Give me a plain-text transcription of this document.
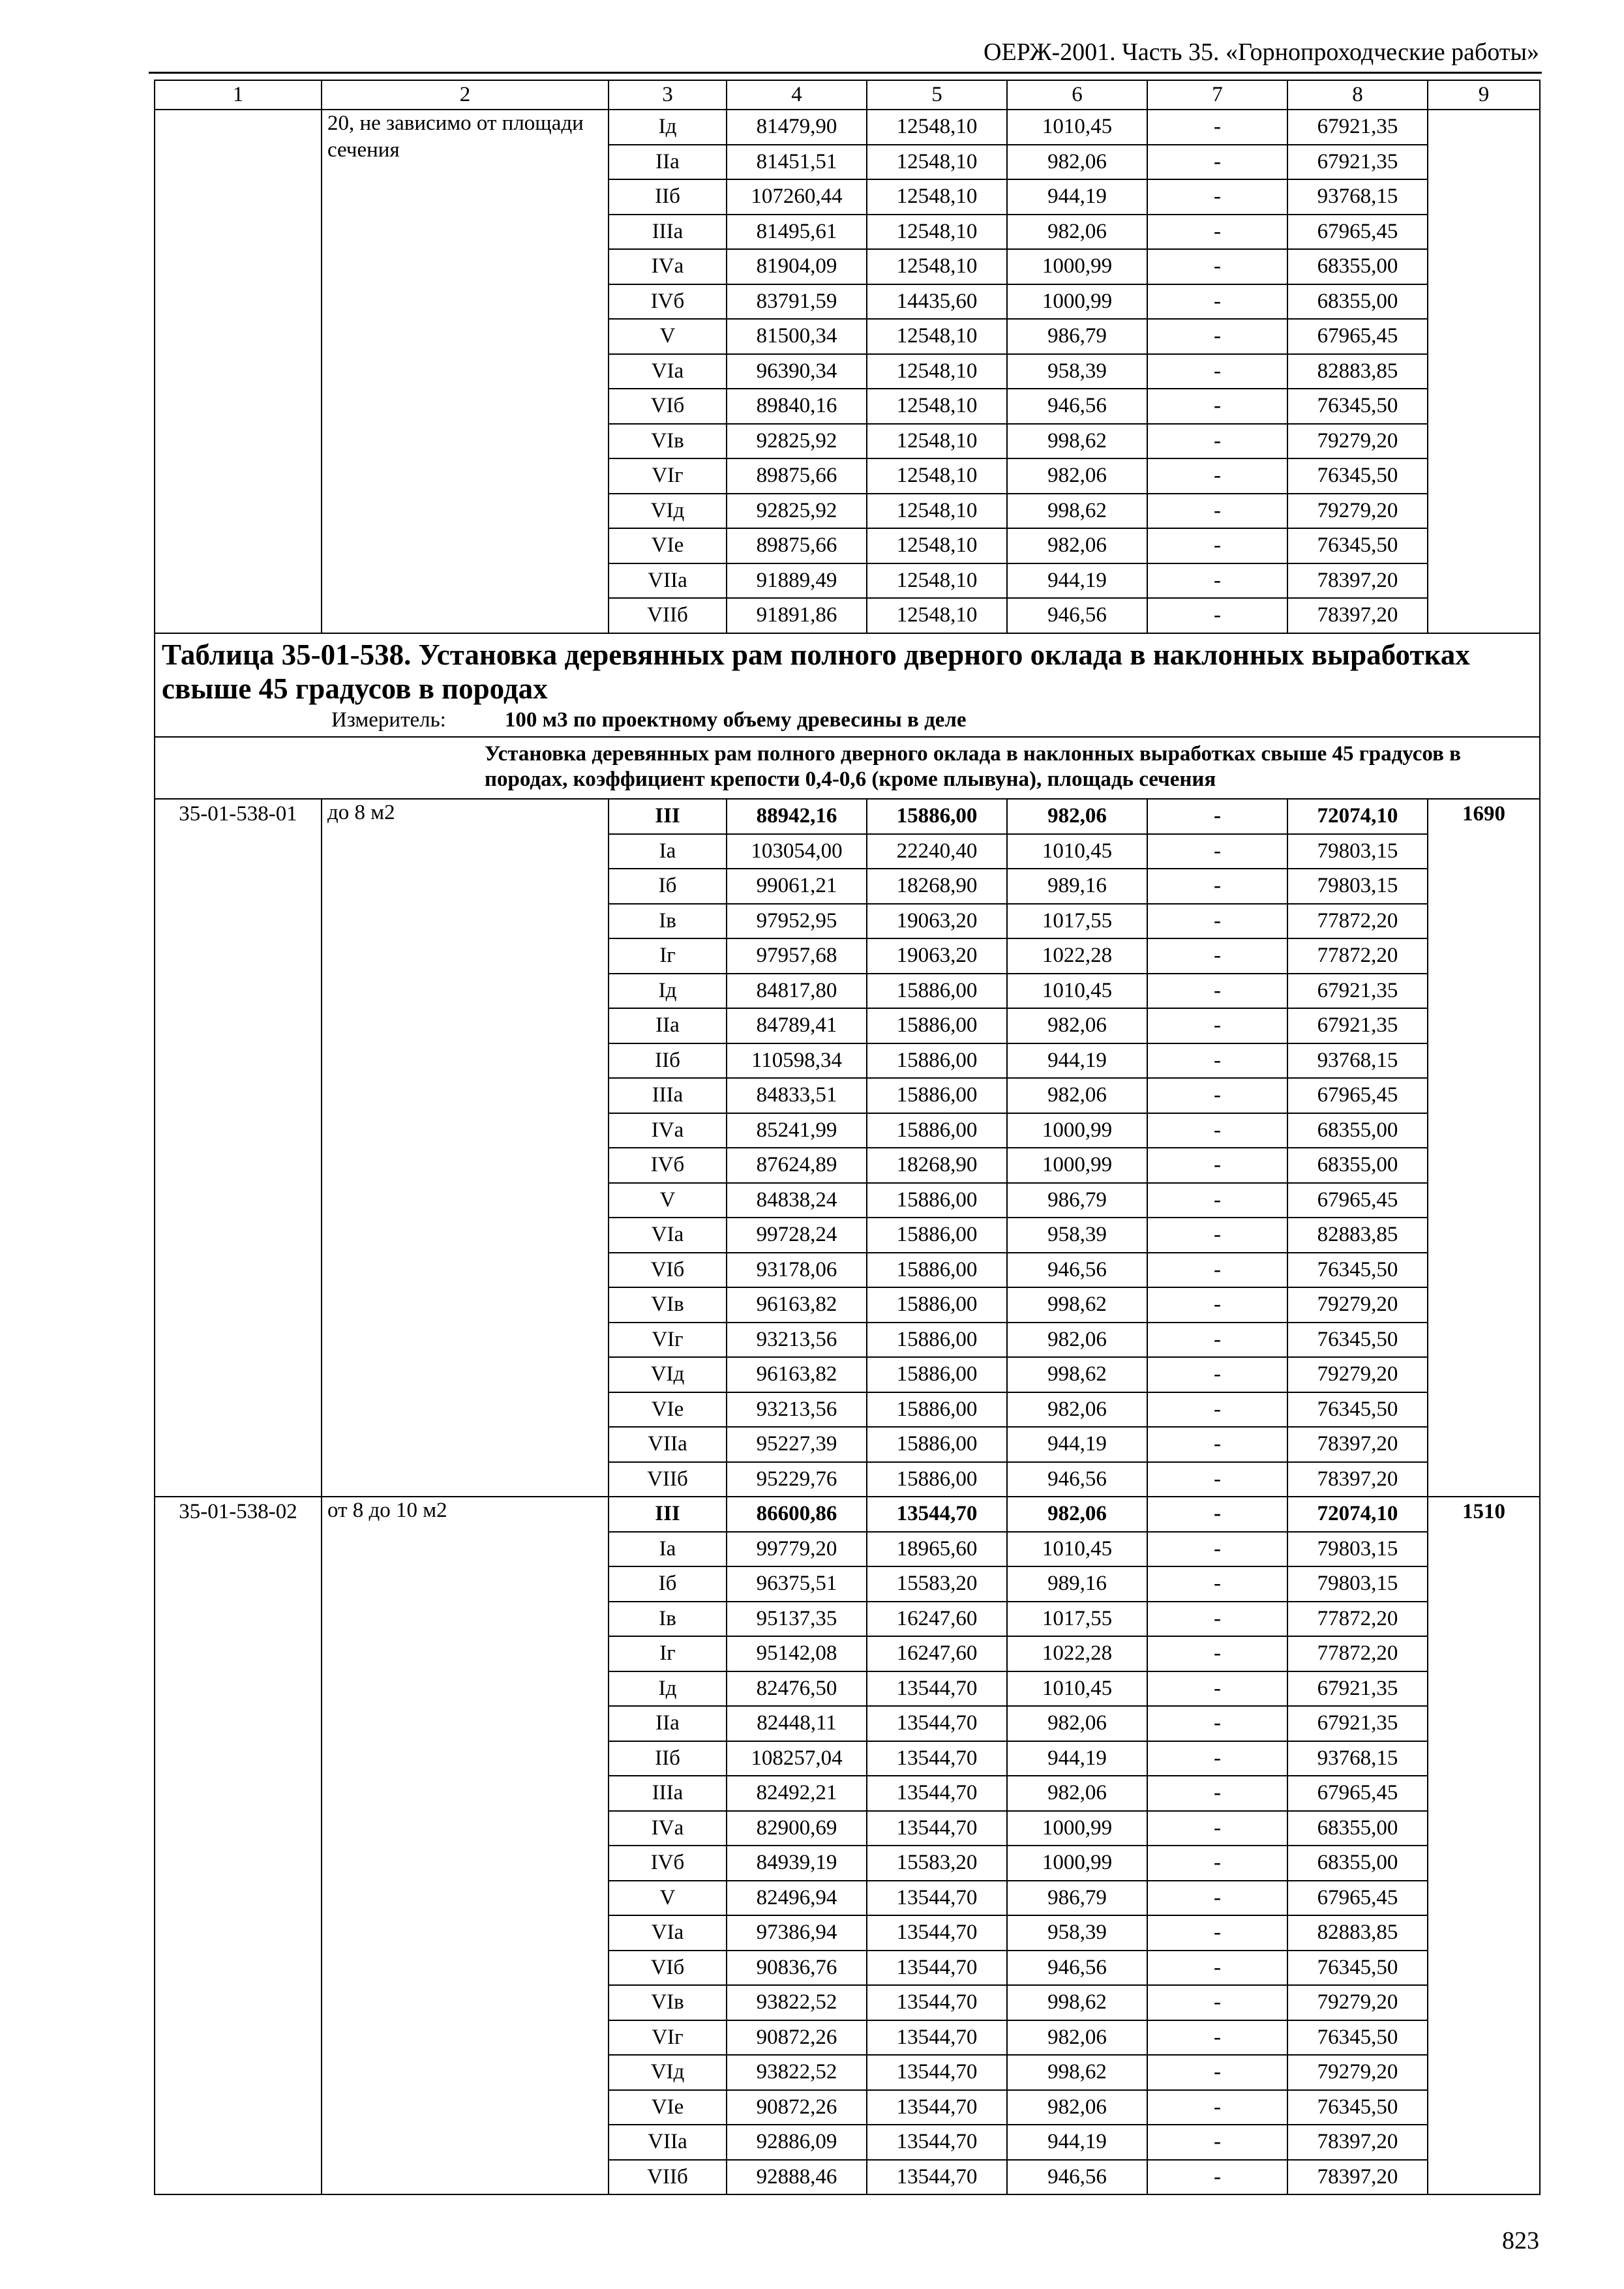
ОЕРЖ-2001. Часть 35. «Горнопроходческие работы»
1	2	3	4	5	6	7	8	9
	20, не зависимо от площади сечения	Iд	81479,90	12548,10	1010,45	-	67921,35	
		IIа	81451,51	12548,10	982,06	-	67921,35	
		IIб	107260,44	12548,10	944,19	-	93768,15	
		IIIа	81495,61	12548,10	982,06	-	67965,45	
		IVа	81904,09	12548,10	1000,99	-	68355,00	
		IVб	83791,59	14435,60	1000,99	-	68355,00	
		V	81500,34	12548,10	986,79	-	67965,45	
		VIа	96390,34	12548,10	958,39	-	82883,85	
		VIб	89840,16	12548,10	946,56	-	76345,50	
		VIв	92825,92	12548,10	998,62	-	79279,20	
		VIг	89875,66	12548,10	982,06	-	76345,50	
		VIд	92825,92	12548,10	998,62	-	79279,20	
		VIе	89875,66	12548,10	982,06	-	76345,50	
		VIIа	91889,49	12548,10	944,19	-	78397,20	
		VIIб	91891,86	12548,10	946,56	-	78397,20	

Таблица 35-01-538. Установка деревянных рам полного дверного оклада в наклонных выработках свыше 45 градусов в породах
Измеритель: 100 м3 по проектному объему древесины в деле								

Установка деревянных рам полного дверного оклада в наклонных выработках свыше 45 градусов в породах, коэффициент крепости 0,4-0,6 (кроме плывуна), площадь сечения								
35-01-538-01	до 8 м2	III	88942,16	15886,00	982,06	-	72074,10	1690
		Iа	103054,00	22240,40	1010,45	-	79803,15	
		Iб	99061,21	18268,90	989,16	-	79803,15	
		Iв	97952,95	19063,20	1017,55	-	77872,20	
		Iг	97957,68	19063,20	1022,28	-	77872,20	
		Iд	84817,80	15886,00	1010,45	-	67921,35	
		IIа	84789,41	15886,00	982,06	-	67921,35	
		IIб	110598,34	15886,00	944,19	-	93768,15	
		IIIа	84833,51	15886,00	982,06	-	67965,45	
		IVа	85241,99	15886,00	1000,99	-	68355,00	
		IVб	87624,89	18268,90	1000,99	-	68355,00	
		V	84838,24	15886,00	986,79	-	67965,45	
		VIа	99728,24	15886,00	958,39	-	82883,85	
		VIб	93178,06	15886,00	946,56	-	76345,50	
		VIв	96163,82	15886,00	998,62	-	79279,20	
		VIг	93213,56	15886,00	982,06	-	76345,50	
		VIд	96163,82	15886,00	998,62	-	79279,20	
		VIе	93213,56	15886,00	982,06	-	76345,50	
		VIIа	95227,39	15886,00	944,19	-	78397,20	
		VIIб	95229,76	15886,00	946,56	-	78397,20	
35-01-538-02	от 8 до 10 м2	III	86600,86	13544,70	982,06	-	72074,10	1510
		Iа	99779,20	18965,60	1010,45	-	79803,15	
		Iб	96375,51	15583,20	989,16	-	79803,15	
		Iв	95137,35	16247,60	1017,55	-	77872,20	
		Iг	95142,08	16247,60	1022,28	-	77872,20	
		Iд	82476,50	13544,70	1010,45	-	67921,35	
		IIа	82448,11	13544,70	982,06	-	67921,35	
		IIб	108257,04	13544,70	944,19	-	93768,15	
		IIIа	82492,21	13544,70	982,06	-	67965,45	
		IVа	82900,69	13544,70	1000,99	-	68355,00	
		IVб	84939,19	15583,20	1000,99	-	68355,00	
		V	82496,94	13544,70	986,79	-	67965,45	
		VIа	97386,94	13544,70	958,39	-	82883,85	
		VIб	90836,76	13544,70	946,56	-	76345,50	
		VIв	93822,52	13544,70	998,62	-	79279,20	
		VIг	90872,26	13544,70	982,06	-	76345,50	
		VIд	93822,52	13544,70	998,62	-	79279,20	
		VIе	90872,26	13544,70	982,06	-	76345,50	
		VIIа	92886,09	13544,70	944,19	-	78397,20	
		VIIб	92888,46	13544,70	946,56	-	78397,20	
823
